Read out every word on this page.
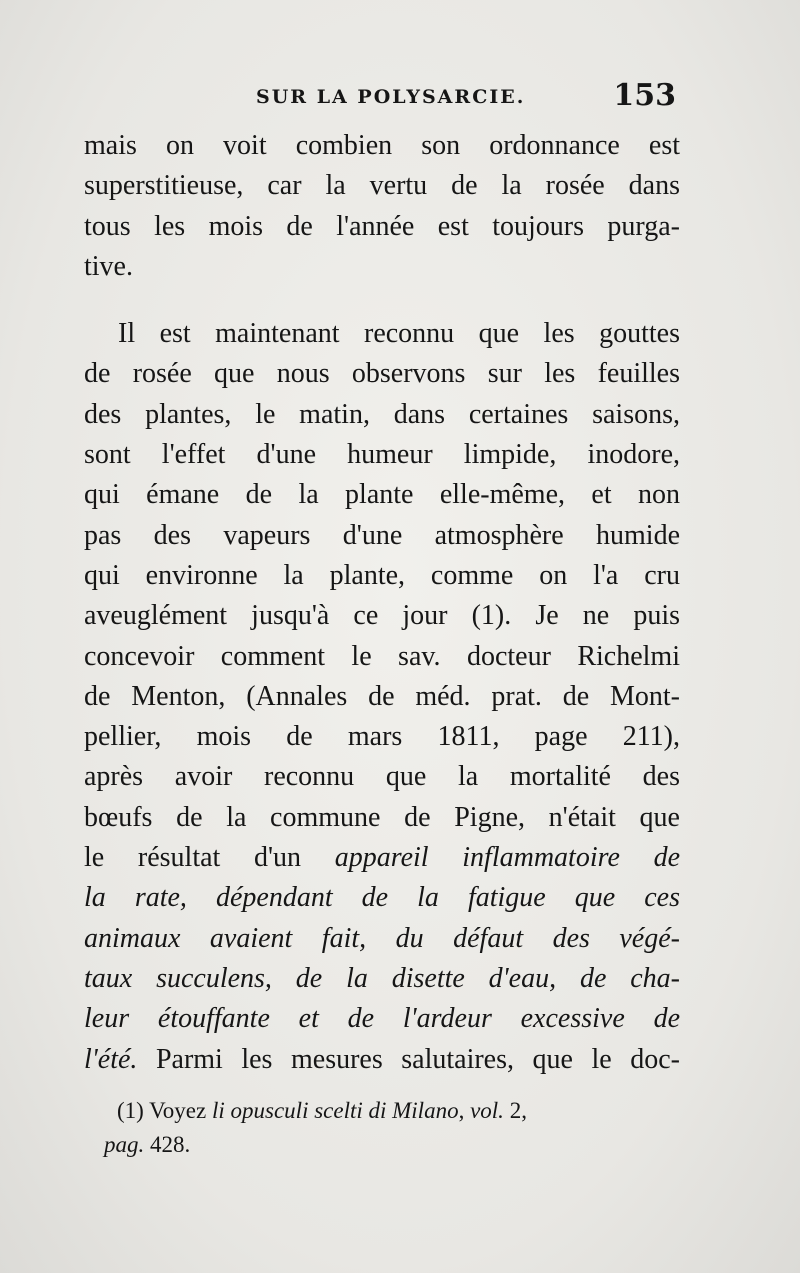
SUR LA POLYSARCIE.	153
mais on voit combien son ordonnance est
superstitieuse, car la vertu de la rosée dans
tous les mois de l'année est toujours purga-
tive.
Il est maintenant reconnu que les gouttes
de rosée que nous observons sur les feuilles
des plantes, le matin, dans certaines saisons,
sont l'effet d'une humeur limpide, inodore,
qui émane de la plante elle-même, et non
pas des vapeurs d'une atmosphère humide
qui environne la plante, comme on l'a cru
aveuglément jusqu'à ce jour (1). Je ne puis
concevoir comment le sav. docteur Richelmi
de Menton, (Annales de méd. prat. de Mont-
pellier, mois de mars 1811, page 211),
après avoir reconnu que la mortalité des
bœufs de la commune de Pigne, n'était que
le résultat d'un appareil inflammatoire de
la rate, dépendant de la fatigue que ces
animaux avaient fait, du défaut des végé-
taux succulens, de la disette d'eau, de cha-
leur étouffante et de l'ardeur excessive de
l'été. Parmi les mesures salutaires, que le doc-
(1) Voyez li opusculi scelti di Milano, vol. 2,
pag. 428.
